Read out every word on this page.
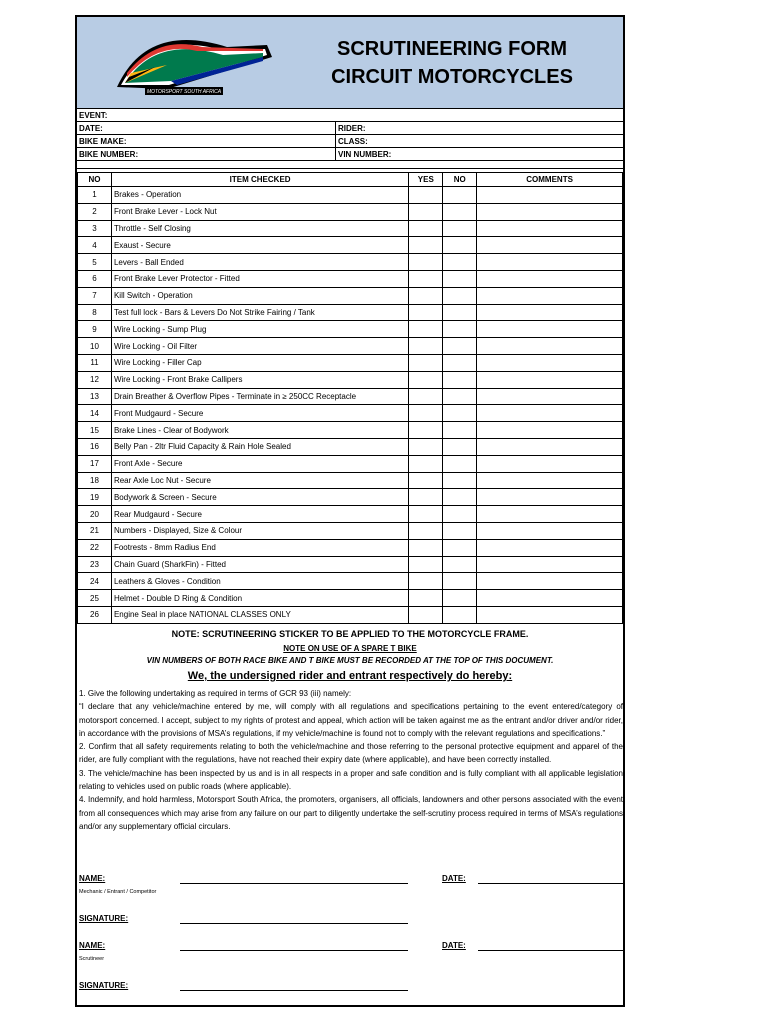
MOTORSPORT SOUTH AFRICA
SCRUTINEERING FORM
CIRCUIT MOTORCYCLES
EVENT:
DATE:	RIDER:
BIKE MAKE:	CLASS:
BIKE NUMBER:	VIN NUMBER:
NO	ITEM CHECKED	YES	NO	COMMENTS
1	Brakes - Operation			
2	Front Brake Lever - Lock Nut			
3	Throttle - Self Closing			
4	Exaust - Secure			
5	Levers - Ball Ended			
6	Front Brake Lever Protector - Fitted			
7	Kill Switch - Operation			
8	Test full lock - Bars & Levers Do Not Strike Fairing / Tank			
9	Wire Locking - Sump Plug			
10	Wire Locking - Oil Filter			
11	Wire Locking - Filler Cap			
12	Wire Locking - Front Brake Callipers			
13	Drain Breather & Overflow Pipes - Terminate in ≥ 250CC Receptacle			
14	Front Mudgaurd - Secure			
15	Brake Lines - Clear of Bodywork			
16	Belly Pan - 2ltr Fluid Capacity & Rain Hole Sealed			
17	Front Axle - Secure			
18	Rear Axle Loc Nut - Secure			
19	Bodywork & Screen - Secure			
20	Rear Mudgaurd - Secure			
21	Numbers - Displayed, Size & Colour			
22	Footrests - 8mm Radius End			
23	Chain Guard (SharkFin) - Fitted			
24	Leathers & Gloves - Condition			
25	Helmet - Double D Ring & Condition			
26	Engine Seal in place NATIONAL CLASSES ONLY			
NOTE: SCRUTINEERING STICKER TO BE APPLIED TO THE MOTORCYCLE FRAME.
NOTE ON USE OF A SPARE T BIKE
VIN NUMBERS OF BOTH RACE BIKE AND T BIKE MUST BE RECORDED AT THE TOP OF THIS DOCUMENT.
We, the undersigned rider and entrant respectively do hereby:

1. Give the following undertaking as required in terms of GCR 93 (iii) namely:

“I declare that any vehicle/machine entered by me, will comply with all regulations and specifications pertaining to the event entered/category of motorsport concerned. I accept, subject to my rights of protest and appeal, which action will be taken against me as the entrant and/or driver and/or rider, in accordance with the provisions of MSA’s regulations, if my vehicle/machine is found not to comply with the relevant regulations and specifications.”

2. Confirm that all safety requirements relating to both the vehicle/machine and those referring to the personal protective equipment and apparel of the rider, are fully compliant with the regulations, have not reached their expiry date (where applicable), and have been correctly installed.

3. The vehicle/machine has been inspected by us and is in all respects in a proper and safe condition and is fully compliant with all applicable legislation relating to vehicles used on public roads (where applicable).

4. Indemnify, and hold harmless, Motorsport South Africa, the promoters, organisers, all officials, landowners and other persons associated with the event from all consequences which may arise from any failure on our part to diligently undertake the self-scrutiny process required in terms of MSA’s regulations and/or any supplementary official circulars.

NAME:
Mechanic / Entrant / Competitor
DATE:
SIGNATURE:
NAME:
Scrutineer
DATE:
SIGNATURE:
